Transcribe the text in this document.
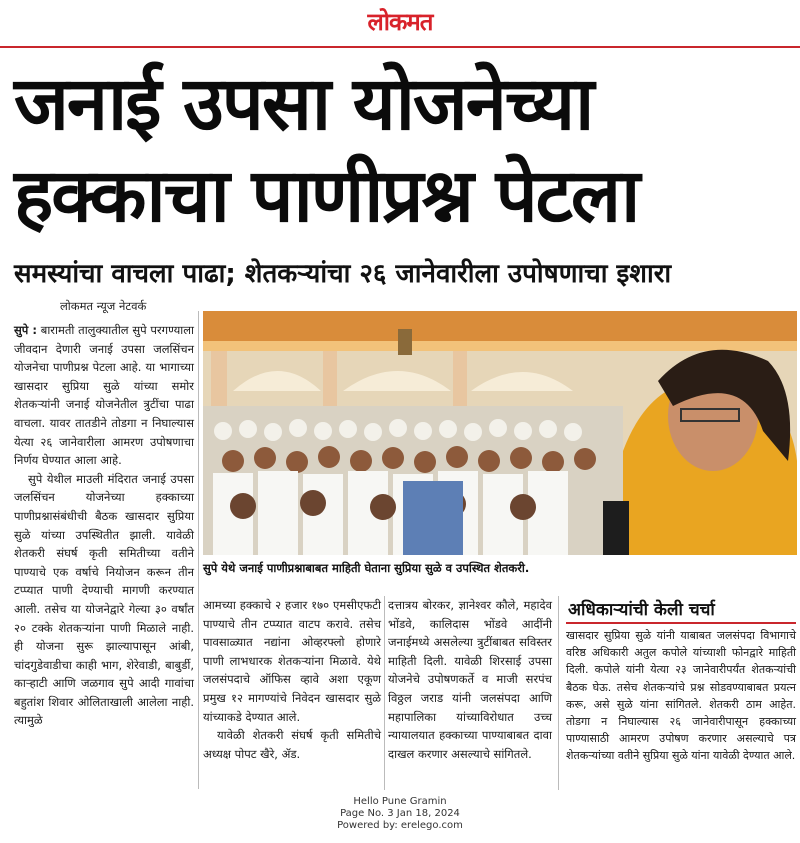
लोकमत
जनाई उपसा योजनेच्या
हक्काचा पाणीप्रश्न पेटला
समस्यांचा वाचला पाढा; शेतकऱ्यांचा २६ जानेवारीला उपोषणाचा इशारा
लोकमत न्यूज नेटवर्क
सुपे : बारामती तालुक्यातील सुपे परगण्याला जीवदान देणारी जनाई उपसा जलसिंचन योजनेचा पाणीप्रश्न पेटला आहे. या भागाच्या खासदार सुप्रिया सुळे यांच्या समोर शेतकऱ्यांनी जनाई योजनेतील त्रुटींचा पाढा वाचला. यावर तातडीने तोडगा न निघाल्यास येत्या २६ जानेवारीला आमरण उपोषणाचा निर्णय घेण्यात आला आहे.
सुपे येथील माउली मंदिरात जनाई उपसा जलसिंचन योजनेच्या हक्काच्या पाणीप्रश्नासंबंधीची बैठक खासदार सुप्रिया सुळे यांच्या उपस्थितीत झाली. यावेळी शेतकरी संघर्ष कृती समितीच्या वतीने पाण्याचे एक वर्षाचे नियोजन करून तीन टप्प्यात पाणी देण्याची मागणी करण्यात आली. तसेच या योजनेद्वारे गेल्या ३० वर्षांत २० टक्के शेतकऱ्यांना पाणी मिळाले नाही. ही योजना सुरू झाल्यापासून आंबी, चांदगुडेवाडीचा काही भाग, शेरेवाडी, बाबुर्डी, काऱ्हाटी आणि जळगाव सुपे आदी गावांचा बहुतांश शिवार ओलिताखाली आलेला नाही. त्यामुळे
सुपे येथे जनाई पाणीप्रश्नाबाबत माहिती घेताना सुप्रिया सुळे व उपस्थित शेतकरी.
आमच्या हक्काचे २ हजार १७० एमसीएफटी पाण्याचे तीन टप्प्यात वाटप करावे. तसेच पावसाळ्यात नद्यांना ओव्हरफ्लो होणारे पाणी लाभधारक शेतकऱ्यांना मिळावे. येथे जलसंपदाचे ऑफिस व्हावे अशा एकूण प्रमुख १२ मागण्यांचे निवेदन खासदार सुळे यांच्याकडे देण्यात आले.
यावेळी शेतकरी संघर्ष कृती समितीचे अध्यक्ष पोपट खैरे, ॲड.
दत्तात्रय बोरकर, ज्ञानेश्वर कौले, महादेव भोंडवे, कालिदास भोंडवे आदींनी जनाईमध्ये असलेल्या त्रुटींबाबत सविस्तर माहिती दिली. यावेळी शिरसाई उपसा योजनेचे उपोषणकर्ते व माजी सरपंच विठ्ठल जराड यांनी जलसंपदा आणि महापालिका यांच्याविरोधात उच्च न्यायालयात हक्काच्या पाण्याबाबत दावा दाखल करणार असल्याचे सांगितले.
अधिकाऱ्यांची केली चर्चा
खासदार सुप्रिया सुळे यांनी याबाबत जलसंपदा विभागाचे वरिष्ठ अधिकारी अतुल कपोले यांच्याशी फोनद्वारे माहिती दिली. कपोले यांनी येत्या २३ जानेवारीपर्यंत शेतकऱ्यांची बैठक घेऊ. तसेच शेतकऱ्यांचे प्रश्न सोडवण्याबाबत प्रयत्न करू, असे सुळे यांना सांगितले. शेतकरी ठाम आहेत. तोडगा न निघाल्यास २६ जानेवारीपासून हक्काच्या पाण्यासाठी आमरण उपोषण करणार असल्याचे पत्र शेतकऱ्यांच्या वतीने सुप्रिया सुळे यांना यावेळी देण्यात आले.
Hello Pune Gramin
Page No. 3 Jan 18, 2024
Powered by: erelego.com
